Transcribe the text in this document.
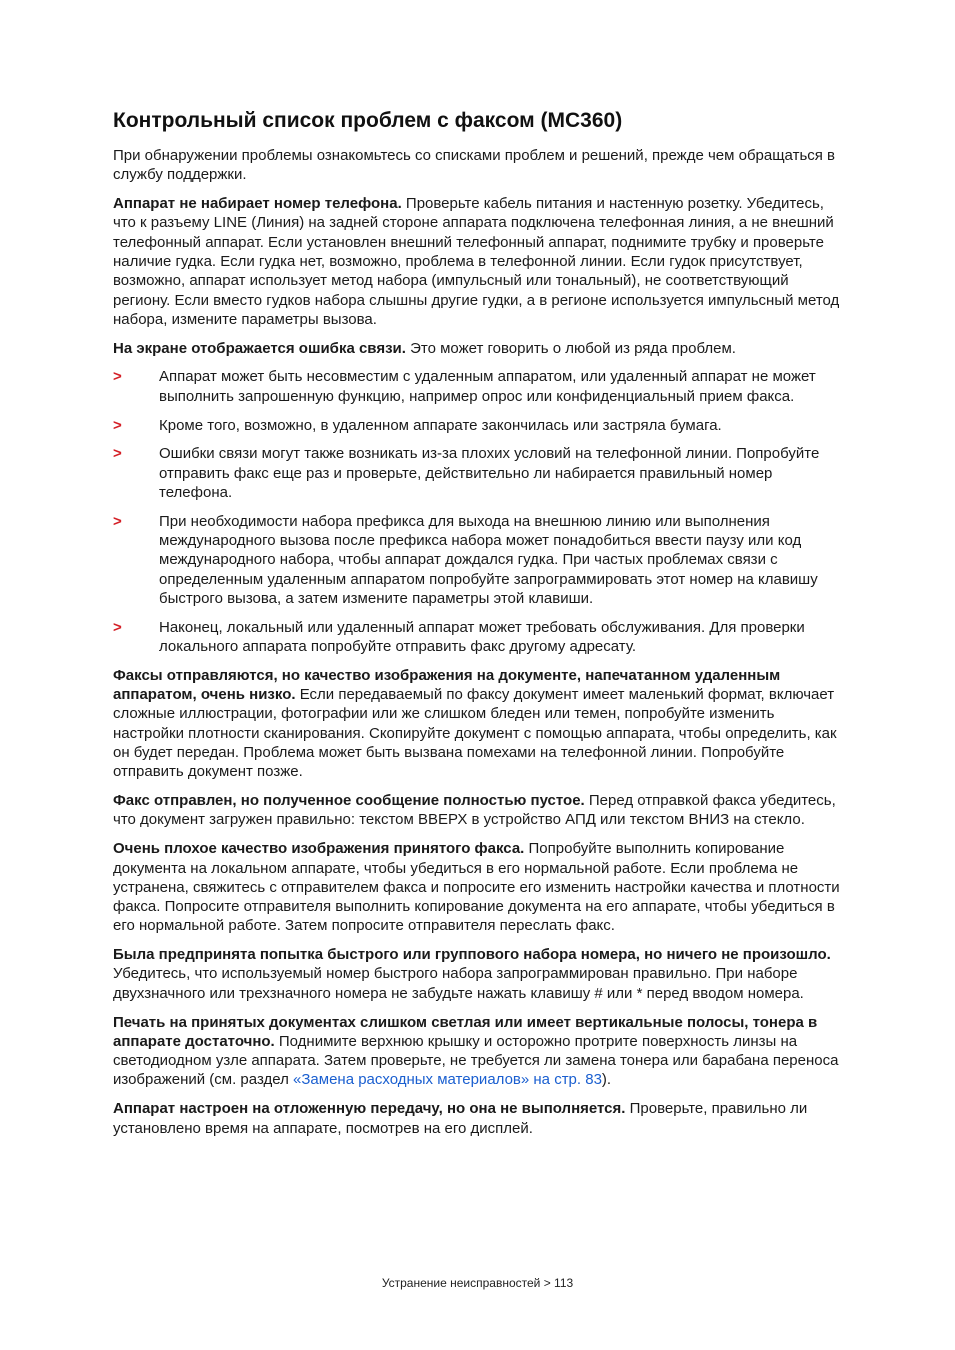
Контрольный список проблем с факсом (MC360)

При обнаружении проблемы ознакомьтесь со списками проблем и решений, прежде чем обращаться в службу поддержки.

Аппарат не набирает номер телефона. Проверьте кабель питания и настенную розетку. Убедитесь, что к разъему LINE (Линия) на задней стороне аппарата подключена телефонная линия, а не внешний телефонный аппарат. Если установлен внешний телефонный аппарат, поднимите трубку и проверьте наличие гудка. Если гудка нет, возможно, проблема в телефонной линии. Если гудок присутствует, возможно, аппарат использует метод набора (импульсный или тональный), не соответствующий региону. Если вместо гудков набора слышны другие гудки, а в регионе используется импульсный метод набора, измените параметры вызова.

На экране отображается ошибка связи. Это может говорить о любой из ряда проблем.

> Аппарат может быть несовместим с удаленным аппаратом, или удаленный аппарат не может выполнить запрошенную функцию, например опрос или конфиденциальный прием факса.
> Кроме того, возможно, в удаленном аппарате закончилась или застряла бумага.
> Ошибки связи могут также возникать из-за плохих условий на телефонной линии. Попробуйте отправить факс еще раз и проверьте, действительно ли набирается правильный номер телефона.
> При необходимости набора префикса для выхода на внешнюю линию или выполнения международного вызова после префикса набора может понадобиться ввести паузу или код международного набора, чтобы аппарат дождался гудка. При частых проблемах связи с определенным удаленным аппаратом попробуйте запрограммировать этот номер на клавишу быстрого вызова, а затем измените параметры этой клавиши.
> Наконец, локальный или удаленный аппарат может требовать обслуживания. Для проверки локального аппарата попробуйте отправить факс другому адресату.

Факсы отправляются, но качество изображения на документе, напечатанном удаленным аппаратом, очень низко. Если передаваемый по факсу документ имеет маленький формат, включает сложные иллюстрации, фотографии или же слишком бледен или темен, попробуйте изменить настройки плотности сканирования. Скопируйте документ с помощью аппарата, чтобы определить, как он будет передан. Проблема может быть вызвана помехами на телефонной линии. Попробуйте отправить документ позже.

Факс отправлен, но полученное сообщение полностью пустое. Перед отправкой факса убедитесь, что документ загружен правильно: текстом ВВЕРХ в устройство АПД или текстом ВНИЗ на стекло.

Очень плохое качество изображения принятого факса. Попробуйте выполнить копирование документа на локальном аппарате, чтобы убедиться в его нормальной работе. Если проблема не устранена, свяжитесь с отправителем факса и попросите его изменить настройки качества и плотности факса. Попросите отправителя выполнить копирование документа на его аппарате, чтобы убедиться в его нормальной работе. Затем попросите отправителя переслать факс.

Была предпринята попытка быстрого или группового набора номера, но ничего не произошло. Убедитесь, что используемый номер быстрого набора запрограммирован правильно. При наборе двухзначного или трехзначного номера не забудьте нажать клавишу # или * перед вводом номера.

Печать на принятых документах слишком светлая или имеет вертикальные полосы, тонера в аппарате достаточно. Поднимите верхнюю крышку и осторожно протрите поверхность линзы на светодиодном узле аппарата. Затем проверьте, не требуется ли замена тонера или барабана переноса изображений (см. раздел «Замена расходных материалов» на стр. 83).

Аппарат настроен на отложенную передачу, но она не выполняется. Проверьте, правильно ли установлено время на аппарате, посмотрев на его дисплей.

Устранение неисправностей > 113
